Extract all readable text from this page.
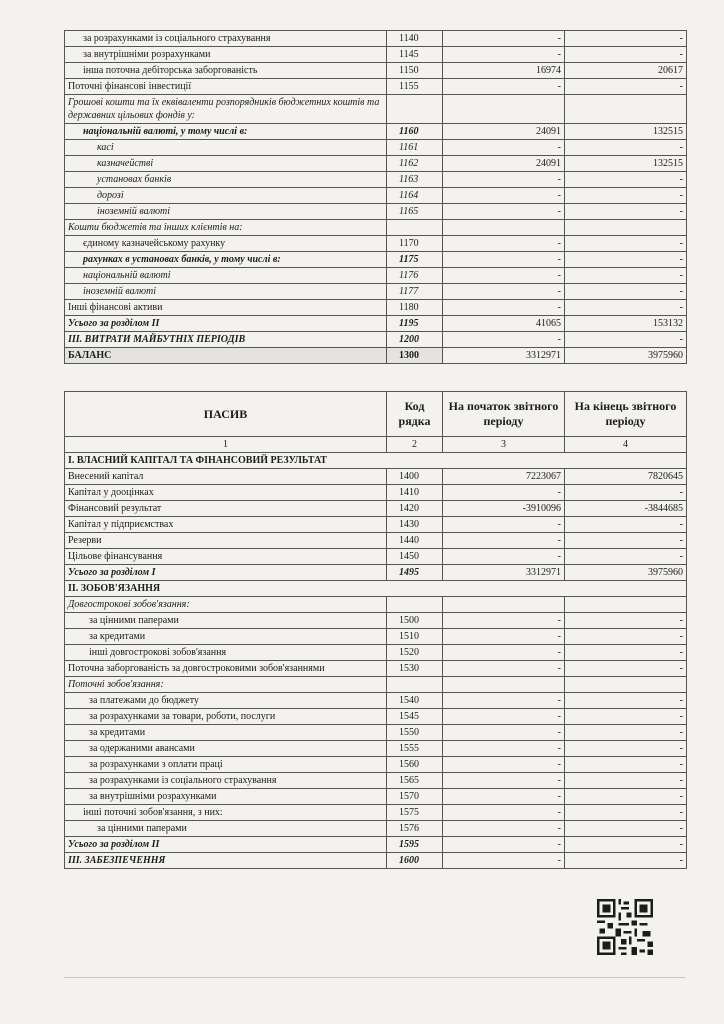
за розрахунками із соціального страхування	1140	-	-
за внутрішніми розрахунками	1145	-	-
інша поточна дебіторська заборгованість	1150	16974	20617
Поточні фінансові інвестиції	1155	-	-
Грошові кошти та їх еквіваленти розпорядників бюджетних коштів та державних цільових фондів у:			
національній валюті, у тому числі в:	1160	24091	132515
касі	1161	-	-
казначействі	1162	24091	132515
установах банків	1163	-	-
дорозі	1164	-	-
іноземній валюті	1165	-	-
Кошти бюджетів та інших клієнтів на:			
єдиному казначейському рахунку	1170	-	-
рахунках в установах банків, у тому числі в:	1175	-	-
національній валюті	1176	-	-
іноземній валюті	1177	-	-
Інші фінансові активи	1180	-	-
Усього за розділом II	1195	41065	153132
III. ВИТРАТИ МАЙБУТНІХ ПЕРІОДІВ	1200	-	-
БАЛАНС	1300	3312971	3975960
ПАСИВ	Код рядка	На початок звітного періоду	На кінець звітного періоду
1	2	3	4
I. ВЛАСНИЙ КАПІТАЛ ТА ФІНАНСОВИЙ РЕЗУЛЬТАТ			
Внесений капітал	1400	7223067	7820645
Капітал у дооцінках	1410	-	-
Фінансовий результат	1420	-3910096	-3844685
Капітал у підприємствах	1430	-	-
Резерви	1440	-	-
Цільове фінансування	1450	-	-
Усього за розділом I	1495	3312971	3975960
II. ЗОБОВ'ЯЗАННЯ			
Довгострокові зобов'язання:			
за цінними паперами	1500	-	-
за кредитами	1510	-	-
інші довгострокові зобов'язання	1520	-	-
Поточна заборгованість за довгостроковими зобов'язаннями	1530	-	-
Поточні зобов'язання:			
за платежами до бюджету	1540	-	-
за розрахунками за товари, роботи, послуги	1545	-	-
за кредитами	1550	-	-
за одержаними авансами	1555	-	-
за розрахунками з оплати праці	1560	-	-
за розрахунками із соціального страхування	1565	-	-
за внутрішніми розрахунками	1570	-	-
інші поточні зобов'язання, з них:	1575	-	-
за цінними паперами	1576	-	-
Усього за розділом II	1595	-	-
III. ЗАБЕЗПЕЧЕННЯ	1600	-	-
